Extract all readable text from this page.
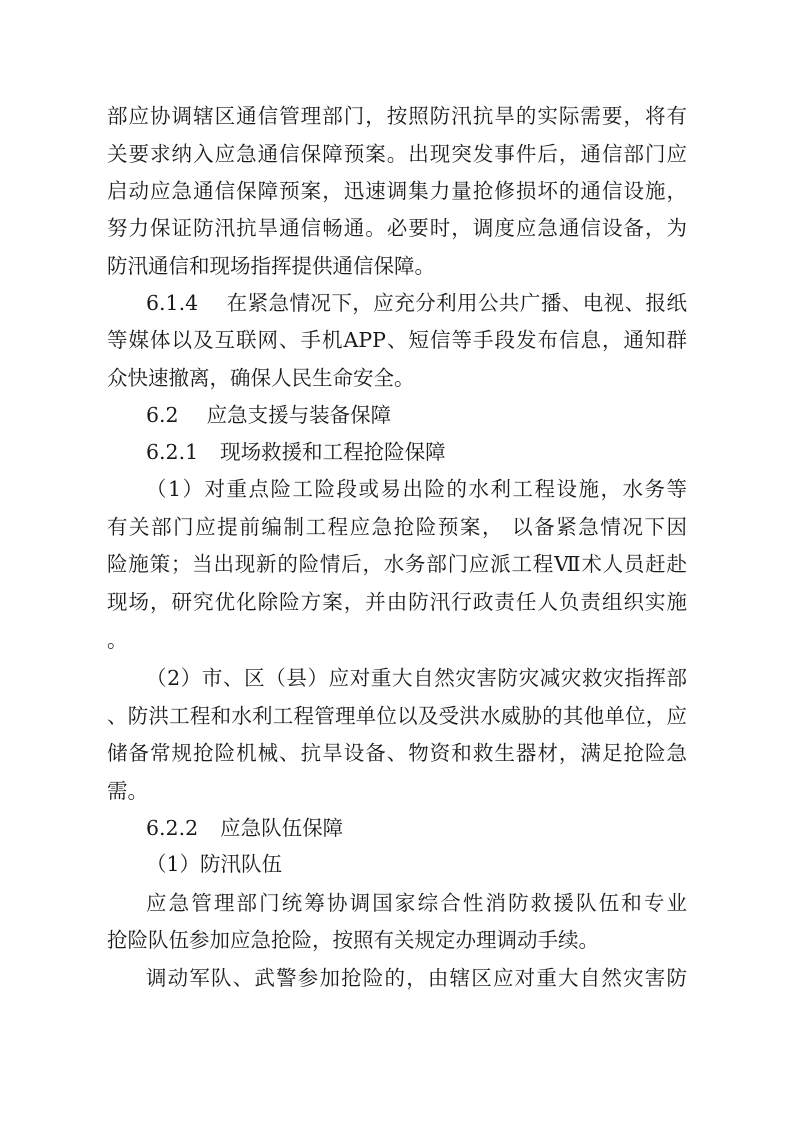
部应协调辖区通信管理部门，按照防汛抗旱的实际需要，将有
关要求纳入应急通信保障预案。出现突发事件后，通信部门应
启动应急通信保障预案，迅速调集力量抢修损坏的通信设施，
努力保证防汛抗旱通信畅通。必要时，调度应急通信设备，为
防汛通信和现场指挥提供通信保障。
6.1.4 在紧急情况下，应充分利用公共广播、电视、报纸
等媒体以及互联网、手机APP、短信等手段发布信息，通知群
众快速撤离，确保人民生命安全。
6.2 应急支援与装备保障
6.2.1 现场救援和工程抢险保障
（1）对重点险工险段或易出险的水利工程设施，水务等
有关部门应提前编制工程应急抢险预案， 以备紧急情况下因
险施策；当出现新的险情后，水务部门应派工程Ⅶ术人员赶赴
现场，研究优化除险方案，并由防汛行政责任人负责组织实施
。
（2）市、区（县）应对重大自然灾害防灾减灾救灾指挥部
、防洪工程和水利工程管理单位以及受洪水威胁的其他单位，应
储备常规抢险机械、抗旱设备、物资和救生器材，满足抢险急
需。
6.2.2 应急队伍保障
（1）防汛队伍
应急管理部门统筹协调国家综合性消防救援队伍和专业
抢险队伍参加应急抢险，按照有关规定办理调动手续。
调动军队、武警参加抢险的，由辖区应对重大自然灾害防
